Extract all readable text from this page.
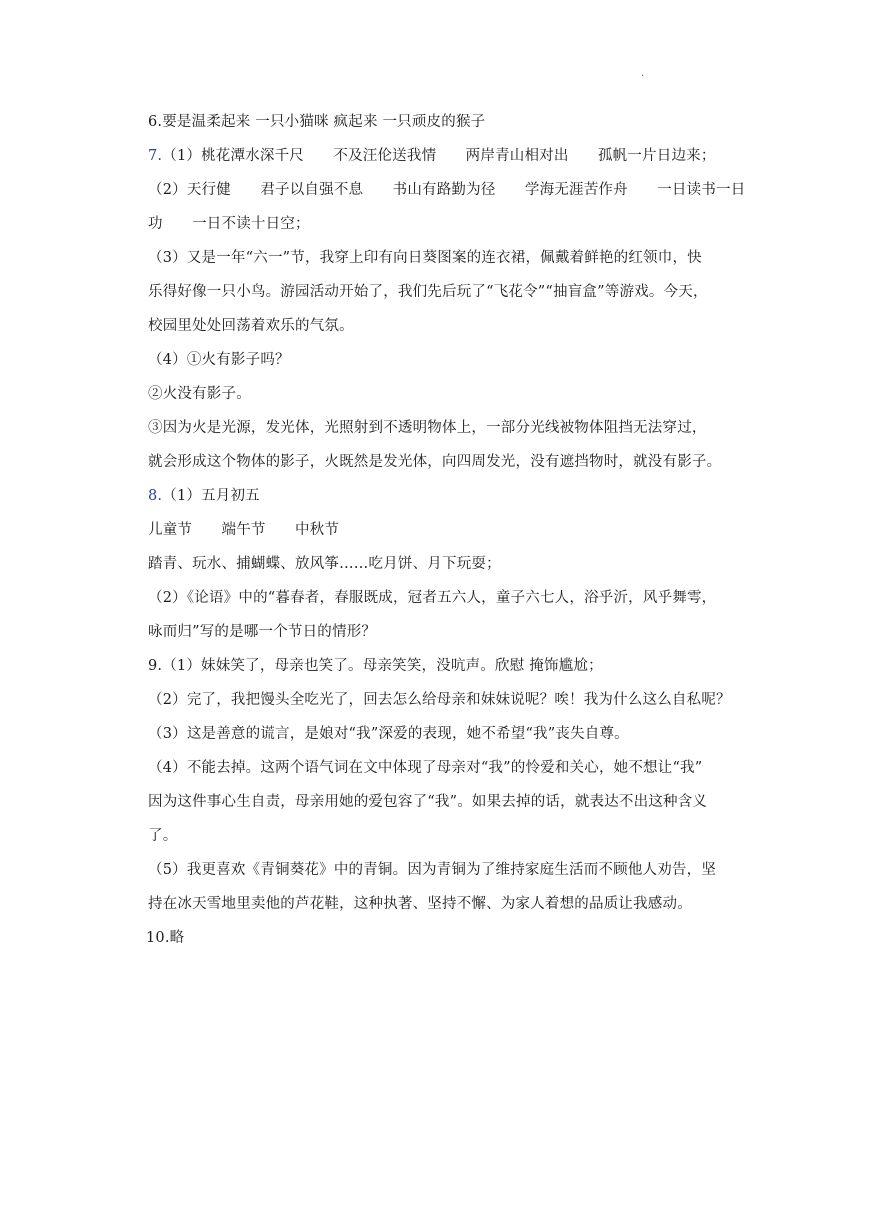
.
6.要是温柔起来 一只小猫咪 疯起来 一只顽皮的猴子
7.（1）桃花潭水深千尺　　不及汪伦送我情　　两岸青山相对出　　孤帆一片日边来；
（2）天行健　　君子以自强不息　　书山有路勤为径　　学海无涯苦作舟　　一日读书一日
功　　一日不读十日空；
（3）又是一年“六一”节，我穿上印有向日葵图案的连衣裙，佩戴着鲜艳的红领巾，快
乐得好像一只小鸟。游园活动开始了，我们先后玩了“飞花令”“抽盲盒”等游戏。今天，
校园里处处回荡着欢乐的气氛。
（4）①火有影子吗？
②火没有影子。
③因为火是光源，发光体，光照射到不透明物体上，一部分光线被物体阻挡无法穿过，
就会形成这个物体的影子，火既然是发光体，向四周发光，没有遮挡物时，就没有影子。
8.（1）五月初五
儿童节　　端午节　　中秋节
踏青、玩水、捕蝴蝶、放风筝……吃月饼、月下玩耍；
（2）《论语》中的“暮春者，春服既成，冠者五六人，童子六七人，浴乎沂，风乎舞雩，
咏而归”写的是哪一个节日的情形？
9.（1）妹妹笑了，母亲也笑了。母亲笑笑，没吭声。欣慰 掩饰尴尬；
（2）完了，我把馒头全吃光了，回去怎么给母亲和妹妹说呢？唉！我为什么这么自私呢？
（3）这是善意的谎言，是娘对“我”深爱的表现，她不希望“我”丧失自尊。
（4）不能去掉。这两个语气词在文中体现了母亲对“我”的怜爱和关心，她不想让“我”
因为这件事心生自责，母亲用她的爱包容了“我”。如果去掉的话，就表达不出这种含义
了。
（5）我更喜欢《青铜葵花》中的青铜。因为青铜为了维持家庭生活而不顾他人劝告，坚
持在冰天雪地里卖他的芦花鞋，这种执著、坚持不懈、为家人着想的品质让我感动。
10.略
